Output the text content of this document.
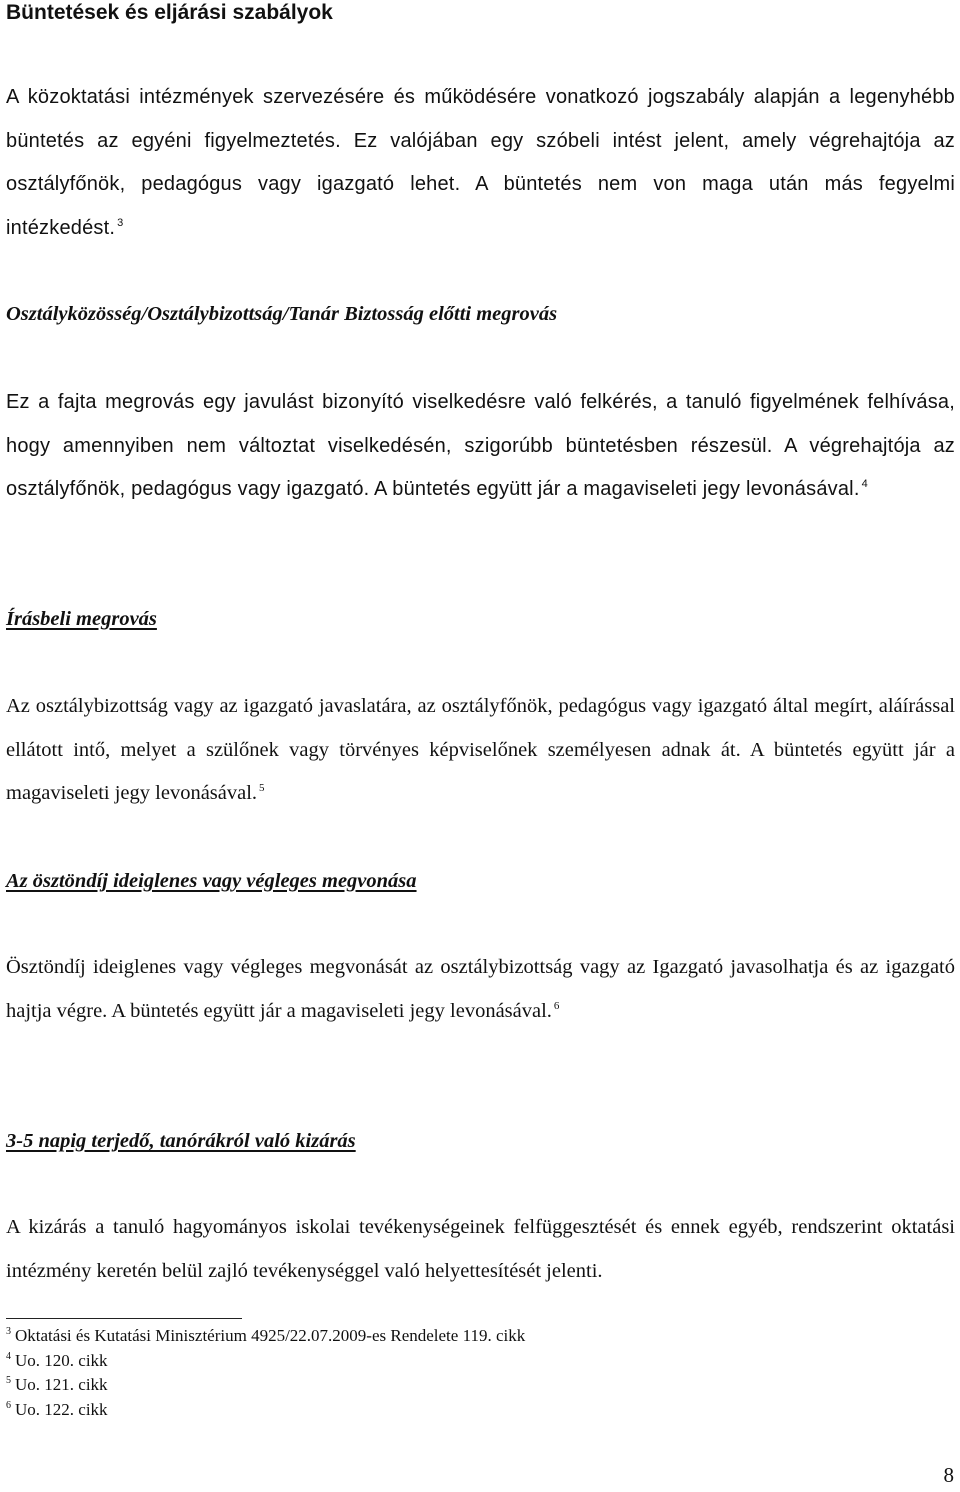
Büntetések és eljárási szabályok

A közoktatási intézmények szervezésére és működésére vonatkozó jogszabály alapján a legenyhébb büntetés az egyéni figyelmeztetés. Ez valójában egy szóbeli intést jelent, amely végrehajtója az osztályfőnök, pedagógus vagy igazgató lehet. A büntetés nem von maga után más fegyelmi intézkedést. $^3$

Osztályközösség/Osztálybizottság/Tanár Biztosság előtti megrovás

Ez a fajta megrovás egy javulást bizonyító viselkedésre való felkérés, a tanuló figyelmének felhívása, hogy amennyiben nem változtat viselkedésén, szigorúbb büntetésben részesül. A végrehajtója az osztályfőnök, pedagógus vagy igazgató. A büntetés együtt jár a magaviseleti jegy levonásával. $^4$

Írásbeli megrovás

Az osztálybizottság vagy az igazgató javaslatára, az osztályfőnök, pedagógus vagy igazgató által megírt, aláírással ellátott intő, melyet a szülőnek vagy törvényes képviselőnek személyesen adnak át. A büntetés együtt jár a magaviseleti jegy levonásával. $^5$

Az ösztöndíj ideiglenes vagy végleges megvonása

Ösztöndíj ideiglenes vagy végleges megvonását az osztálybizottság vagy az Igazgató javasolhatja és az igazgató hajtja végre. A büntetés együtt jár a magaviseleti jegy levonásával. $^6$

3-5 napig terjedő, tanórákról való kizárás

A kizárás a tanuló hagyományos iskolai tevékenységeinek felfüggesztését és ennek egyéb, rendszerint oktatási intézmény keretén belül zajló tevékenységgel való helyettesítését jelenti.

$^3$ Oktatási és Kutatási Minisztérium 4925/22.07.2009-es Rendelete 119. cikk
$^4$ Uo. 120. cikk
$^5$ Uo. 121. cikk
$^6$ Uo. 122. cikk
8
